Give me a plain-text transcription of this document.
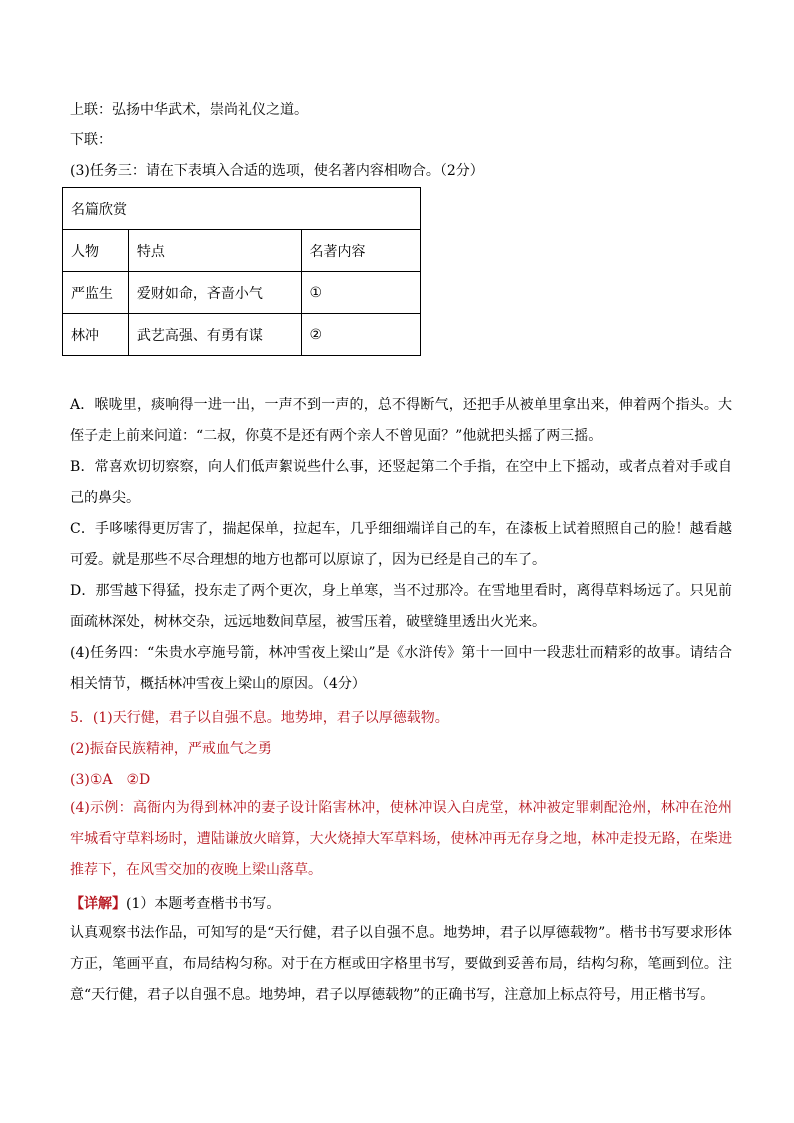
上联：弘扬中华武术，崇尚礼仪之道。
下联：
(3)任务三：请在下表填入合适的选项，使名著内容相吻合。（2分）
名篇欣赏		
人物	特点	名著内容
严监生	爱财如命，吝啬小气	①
林冲	武艺高强、有勇有谋	②
A．喉咙里，痰响得一进一出，一声不到一声的，总不得断气，还把手从被单里拿出来，伸着两个指头。大侄子走上前来问道：“二叔，你莫不是还有两个亲人不曾见面？”他就把头摇了两三摇。
B．常喜欢切切察察，向人们低声絮说些什么事，还竖起第二个手指，在空中上下摇动，或者点着对手或自己的鼻尖。
C．手哆嗦得更厉害了，揣起保单，拉起车，几乎细细端详自己的车，在漆板上试着照照自己的脸！越看越可爱。就是那些不尽合理想的地方也都可以原谅了，因为已经是自己的车了。
D．那雪越下得猛，投东走了两个更次，身上单寒，当不过那冷。在雪地里看时，离得草料场远了。只见前面疏林深处，树林交杂，远远地数间草屋，被雪压着，破壁缝里透出火光来。
(4)任务四：“朱贵水亭施号箭，林冲雪夜上梁山”是《水浒传》第十一回中一段悲壮而精彩的故事。请结合相关情节，概括林冲雪夜上梁山的原因。（4分）
5．(1)天行健，君子以自强不息。地势坤，君子以厚德载物。
(2)振奋民族精神，严戒血气之勇
(3)①A　②D
(4)示例：高衙内为得到林冲的妻子设计陷害林冲，使林冲误入白虎堂，林冲被定罪刺配沧州，林冲在沧州牢城看守草料场时，遭陆谦放火暗算，大火烧掉大军草料场，使林冲再无存身之地，林冲走投无路，在柴进推荐下，在风雪交加的夜晚上梁山落草。
【详解】(1）本题考查楷书书写。
认真观察书法作品，可知写的是“天行健，君子以自强不息。地势坤，君子以厚德载物”。楷书书写要求形体方正，笔画平直，布局结构匀称。对于在方框或田字格里书写，要做到妥善布局，结构匀称，笔画到位。注意“天行健，君子以自强不息。地势坤，君子以厚德载物”的正确书写，注意加上标点符号，用正楷书写。
